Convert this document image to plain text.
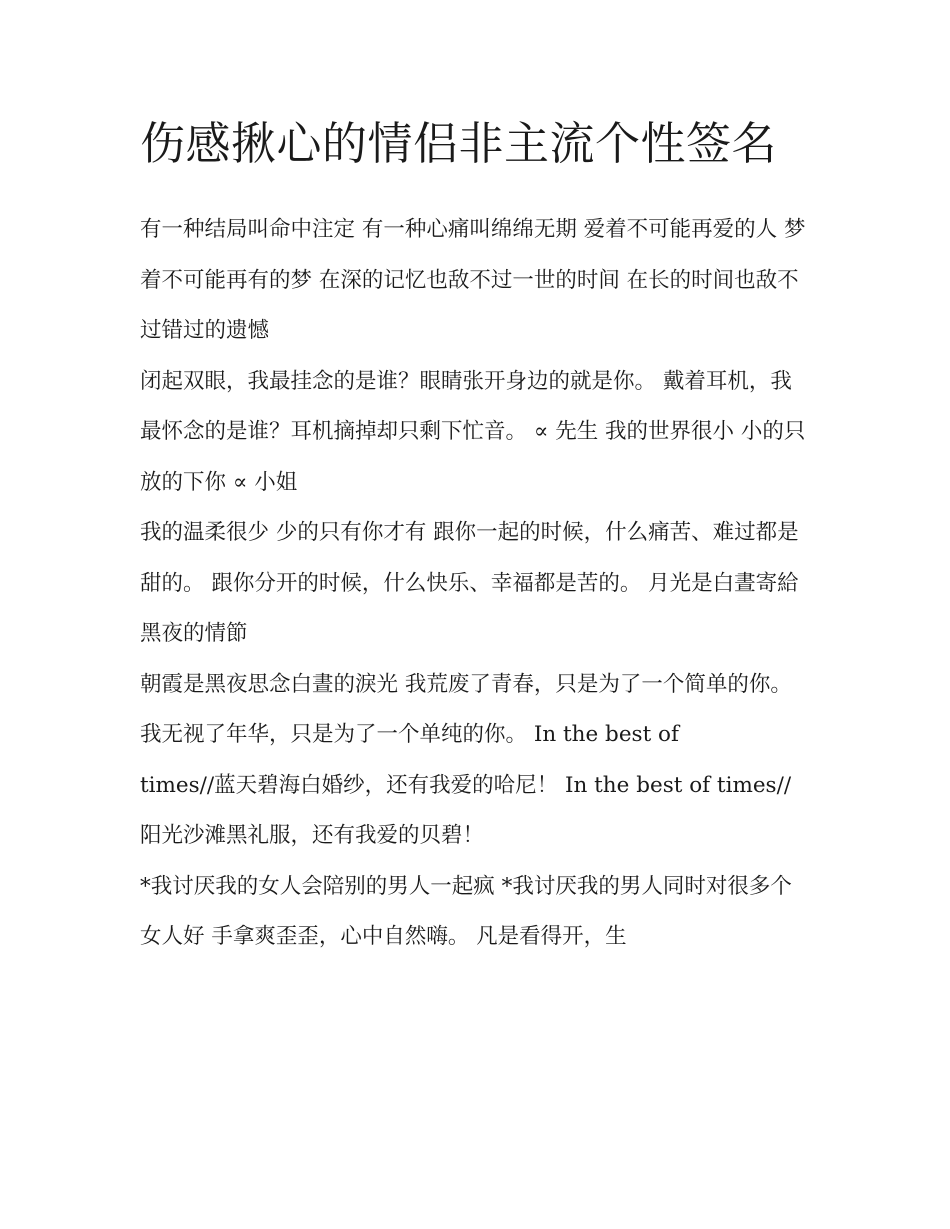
伤感揪心的情侣非主流个性签名

有一种结局叫命中注定 有一种心痛叫绵绵无期 爱着不可能再爱的人 梦着不可能再有的梦 在深的记忆也敌不过一世的时间 在长的时间也敌不过错过的遗憾

闭起双眼，我最挂念的是谁？眼睛张开身边的就是你。 戴着耳机，我最怀念的是谁？耳机摘掉却只剩下忙音。 ∝ 先生 我的世界很小 小的只放的下你 ∝ 小姐

我的温柔很少 少的只有你才有 跟你一起的时候，什么痛苦、难过都是甜的。 跟你分开的时候，什么快乐、幸福都是苦的。 月光是白晝寄給黑夜的情節

朝霞是黑夜思念白晝的淚光 我荒废了青春，只是为了一个简单的你。 我无视了年华，只是为了一个单纯的你。 In the best of

times//蓝天碧海白婚纱，还有我爱的哈尼！ In the best of times//阳光沙滩黑礼服，还有我爱的贝碧！

*我讨厌我的女人会陪别的男人一起疯 *我讨厌我的男人同时对很多个女人好 手拿爽歪歪，心中自然嗨。 凡是看得开，生
